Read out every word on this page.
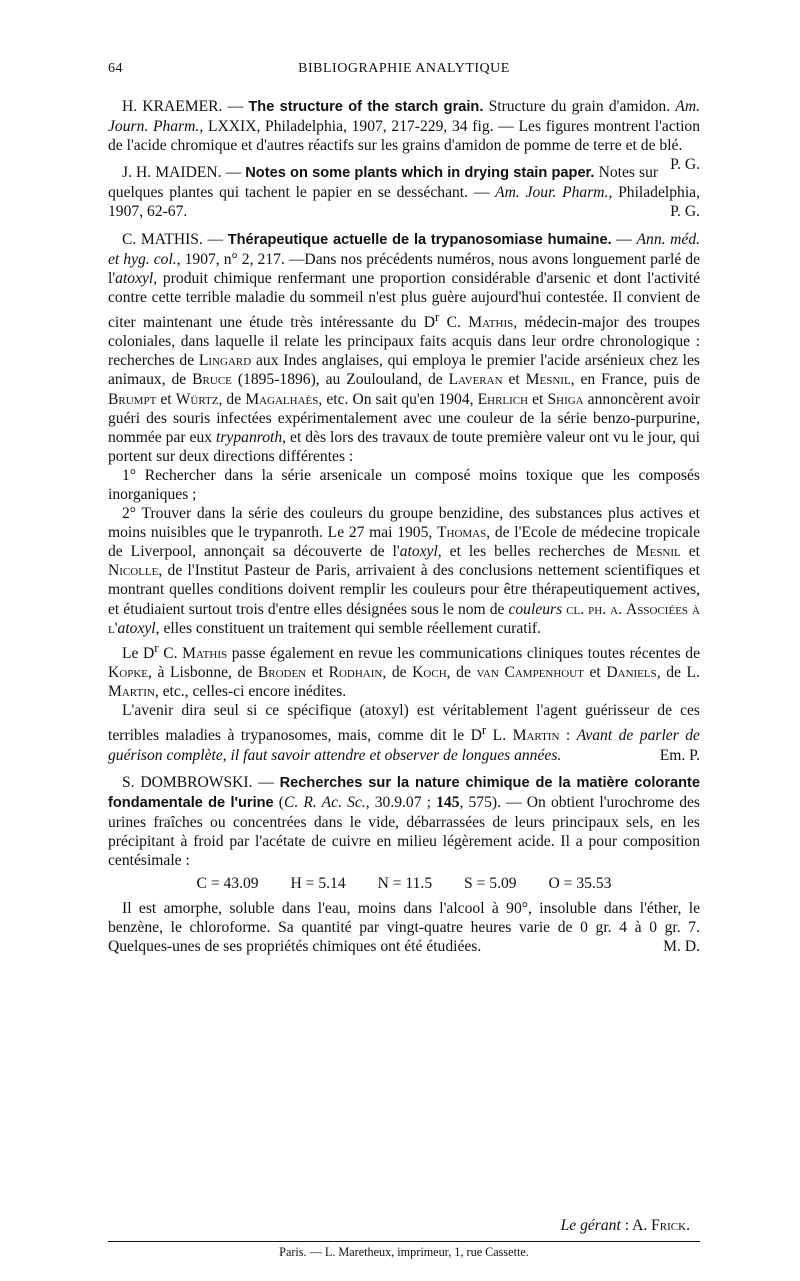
64	BIBLIOGRAPHIE ANALYTIQUE

H. KRAEMER. — The structure of the starch grain. Structure du grain d'amidon. Am. Journ. Pharm., LXXIX, Philadelphia, 1907, 217-229, 34 fig. — Les figures montrent l'action de l'acide chromique et d'autres réactifs sur les grains d'amidon de pomme de terre et de blé.
P. G.

J. H. MAIDEN. — Notes on some plants which in drying stain paper. Notes sur quelques plantes qui tachent le papier en se desséchant. — Am. Jour. Pharm., Philadelphia, 1907, 62-67.	P. G.

C. MATHIS. — Thérapeutique actuelle de la trypanosomiase humaine. — Ann. méd. et hyg. col., 1907, n° 2, 217. —Dans nos précédents numéros, nous avons longuement parlé de l'atoxyl, produit chimique renfermant une proportion considérable d'arsenic et dont l'activité contre cette terrible maladie du sommeil n'est plus guère aujourd'hui contestée. Il convient de citer maintenant une étude très intéressante du $D^r$ C. Mathis, médecin-major des troupes coloniales, dans laquelle il relate les principaux faits acquis dans leur ordre chronologique : recherches de Lingard aux Indes anglaises, qui employa le premier l'acide arsénieux chez les animaux, de Bruce (1895-1896), au Zoulouland, de Laveran et Mesnil, en France, puis de Brumpt et Würtz, de Magalhaès, etc. On sait qu'en 1904, Ehrlich et Shiga annoncèrent avoir guéri des souris infectées expérimentalement avec une couleur de la série benzo-purpurine, nommée par eux trypanroth, et dès lors des travaux de toute première valeur ont vu le jour, qui portent sur deux directions différentes :

1° Rechercher dans la série arsenicale un composé moins toxique que les composés inorganiques ;

2° Trouver dans la série des couleurs du groupe benzidine, des substances plus actives et moins nuisibles que le trypanroth. Le 27 mai 1905, Thomas, de l'Ecole de médecine tropicale de Liverpool, annonçait sa découverte de l'atoxyl, et les belles recherches de Mesnil et Nicolle, de l'Institut Pasteur de Paris, arrivaient à des conclusions nettement scientifiques et montrant quelles conditions doivent remplir les couleurs pour être thérapeutiquement actives, et étudiaient surtout trois d'entre elles désignées sous le nom de couleurs cl. ph. α. Associées à l'atoxyl, elles constituent un traitement qui semble réellement curatif.

Le $D^r$ C. Mathis passe également en revue les communications cliniques toutes récentes de Kopke, à Lisbonne, de Broden et Rodhain, de Koch, de van Campenhout et Daniels, de L. Martin, etc., celles-ci encore inédites.

L'avenir dira seul si ce spécifique (atoxyl) est véritablement l'agent guérisseur de ces terribles maladies à trypanosomes, mais, comme dit le $D^r$ L. Martin : Avant de parler de guérison complète, il faut savoir attendre et observer de longues années.	Em. P.

S. DOMBROWSKI. — Recherches sur la nature chimique de la matière colorante fondamentale de l'urine (C. R. Ac. Sc., 30.9.07 ; 145, 575). — On obtient l'urochrome des urines fraîches ou concentrées dans le vide, débarrassées de leurs principaux sels, en les précipitant à froid par l'acétate de cuivre en milieu légèrement acide. Il a pour composition centésimale :

C = 43.09 H = 5.14 N = 11.5 S = 5.09 O = 35.53

Il est amorphe, soluble dans l'eau, moins dans l'alcool à 90°, insoluble dans l'éther, le benzène, le chloroforme. Sa quantité par vingt-quatre heures varie de 0 gr. 4 à 0 gr. 7. Quelques-unes de ses propriétés chimiques ont été étudiées.	M. D.

Le gérant : A. Frick.
Paris. — L. Maretheux, imprimeur, 1, rue Cassette.
